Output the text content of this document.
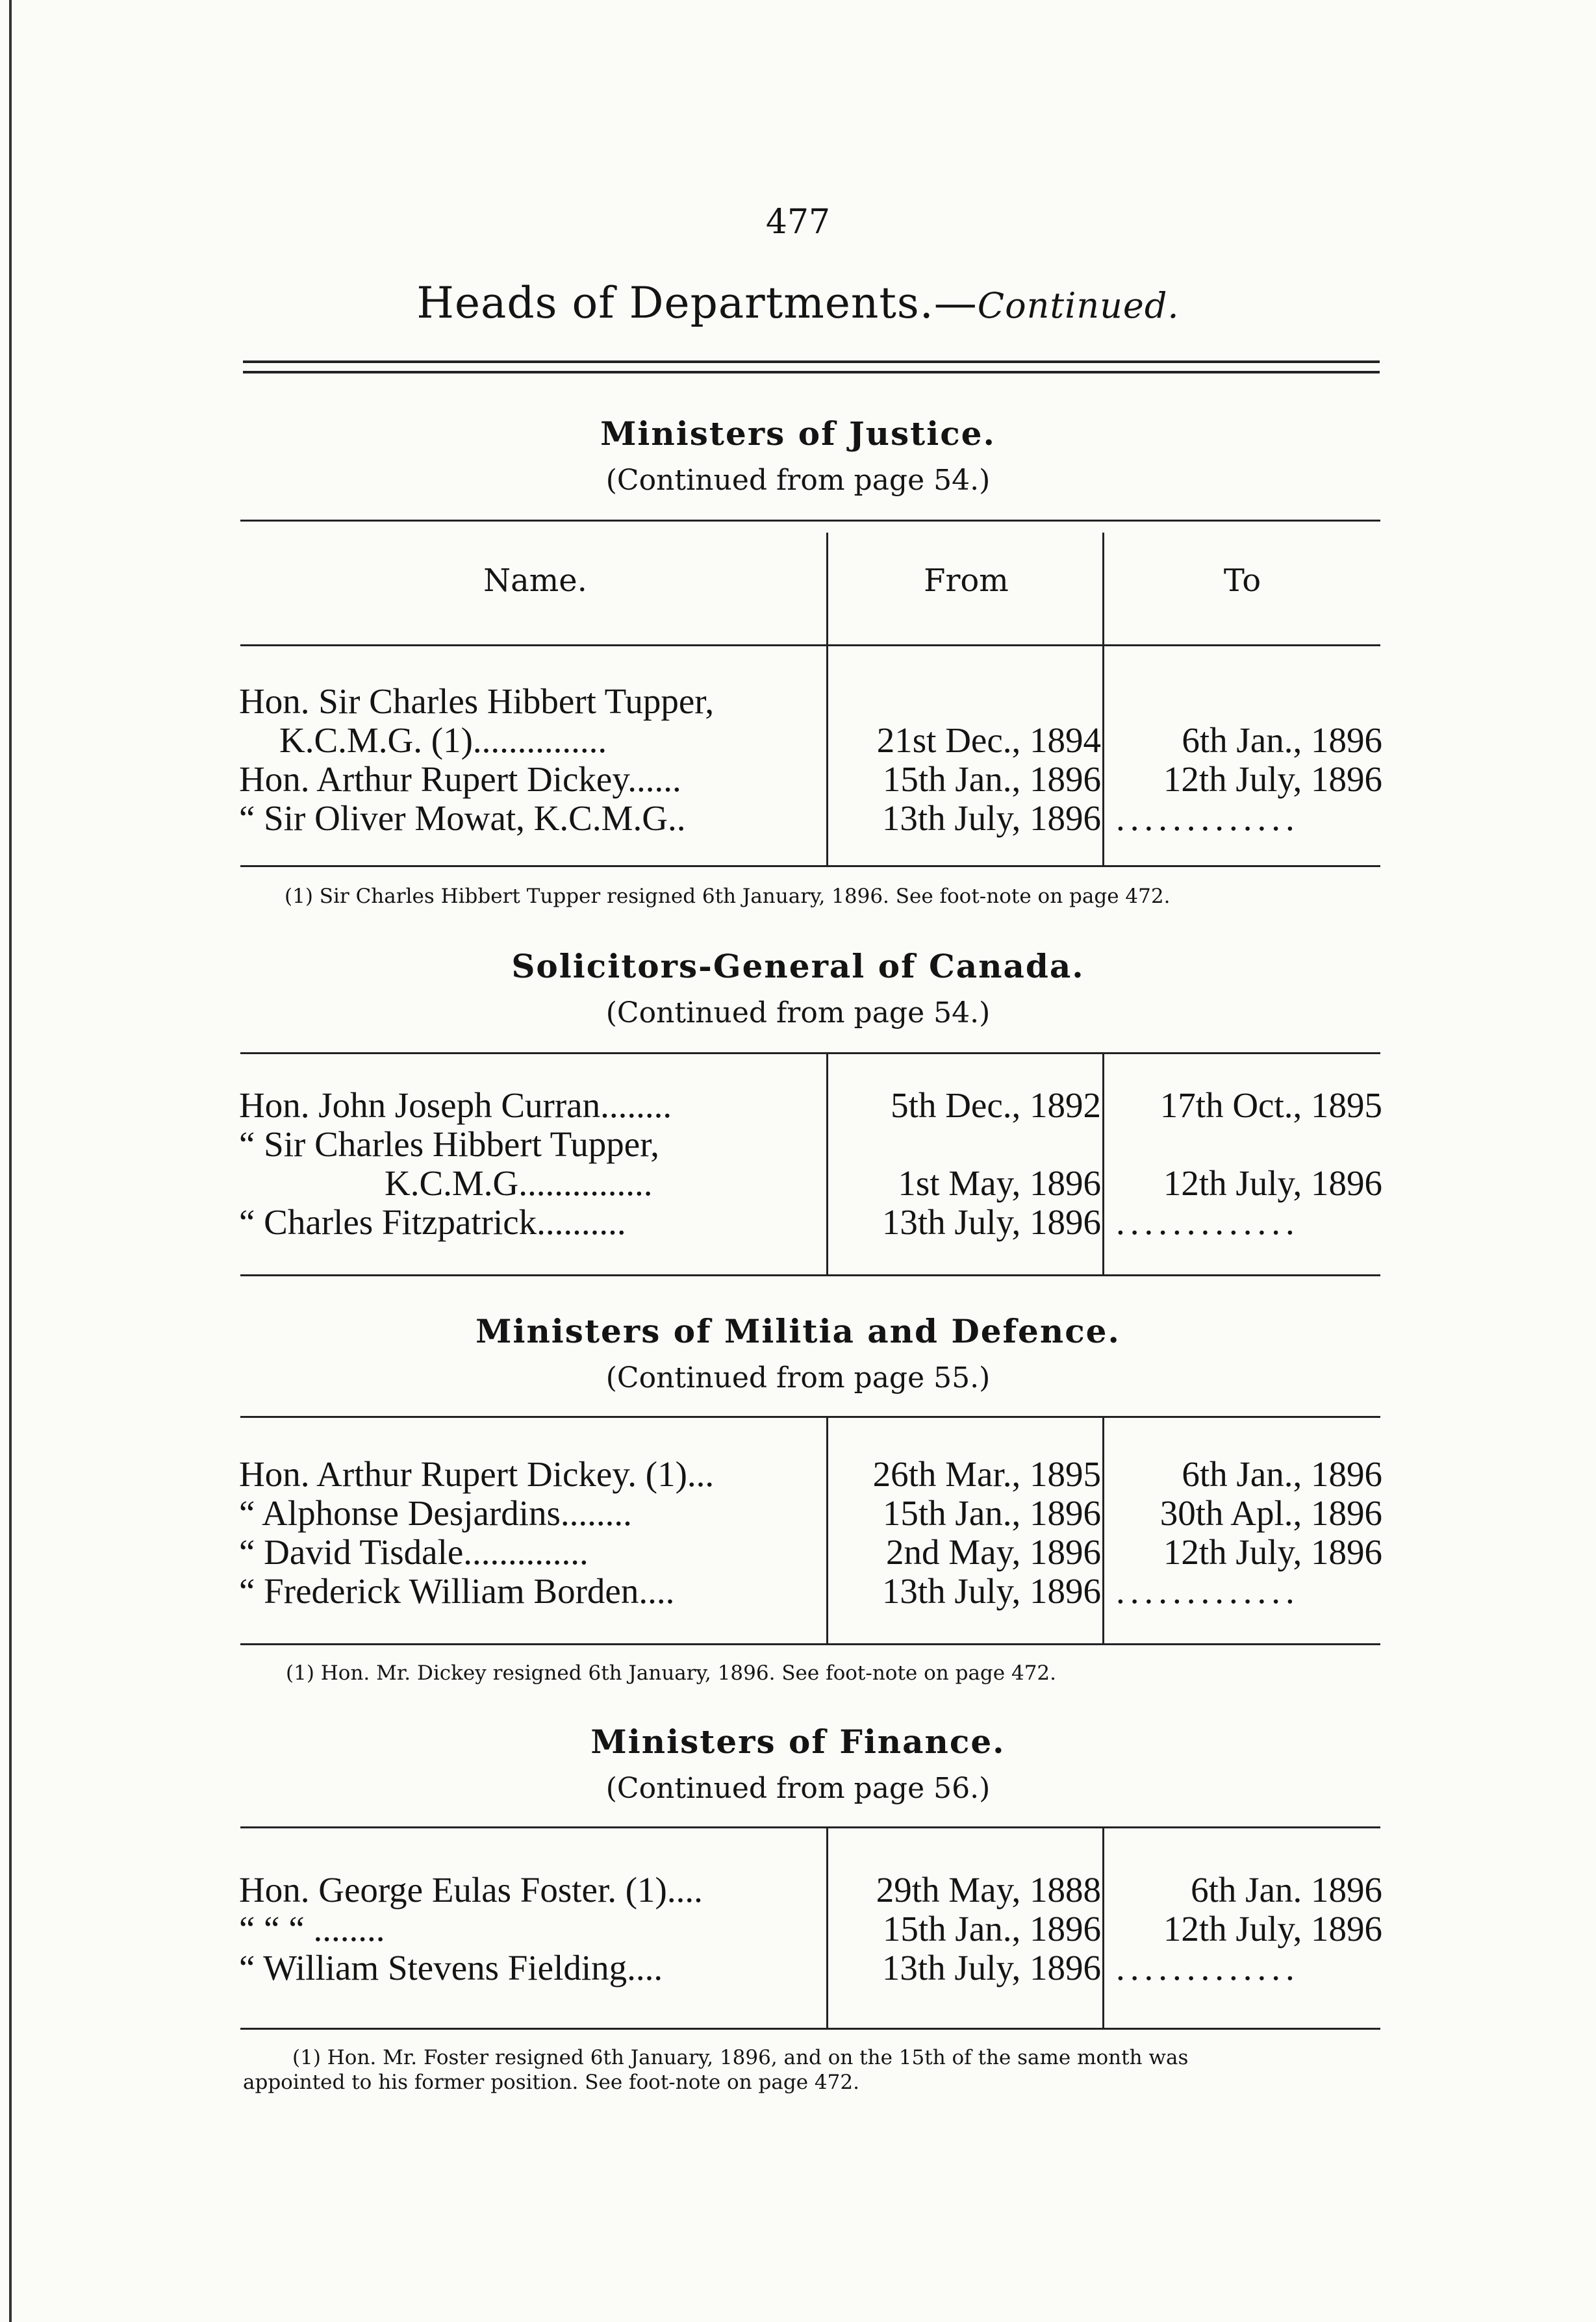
477
Heads of Departments.—Continued.
Ministers of Justice.
(Continued from pa⁠ge 54.)
Name.	From	To
Hon. Sir Charles Hibbert Tupper,
K.C.M.G. (1)...............	21st Dec., 1894	6th Jan., 1896
Hon. Arthur Rupert Dickey......	15th Jan., 1896	12th July, 1896
“ Sir Oliver Mowat, K.C.M.G..	13th July, 1896 .............
(1) Sir Charles Hibbert Tupper resigned 6th January, 1896. See foot-note on page 472.
Solicitors-General of Canada.
(Continued from page 54.)
Hon. John Joseph Curran........	5th Dec., 1892	17th Oct., 1895
“ Sir Charles Hibbert Tupper,
K.C.M.G...............	1st May, 1896	12th July, 1896
“ Charles Fitzpatrick..........	13th July, 1896 .............
Ministers of Militia and Defence.
(Continued from page 55.)
Hon. Arthur Rupert Dickey. (1)...	26th Mar., 1895	6th Jan., 1896
“ Alphonse Desjardins........	15th Jan., 1896	30th Apl., 1896
“ David Tisdale..............	2nd May, 1896	12th July, 1896
“ Frederick William Borden....	13th July, 1896 .............
(1) Hon. Mr. Dickey resigned 6th January, 1896. See foot-note on page 472.
Ministers of Finance.
(Continued from page 56.)
Hon. George Eulas Foster. (1)....	29th May, 1888	6th Jan. 1896
“ “ “ ........	15th Jan., 1896	12th July, 1896
“ William Stevens Fielding....	13th July, 1896 .............
(1) Hon. Mr. Foster resigned 6th January, 1896, and on the 15th of the same month was
appointed to his former position. See foot-note on page 472.
